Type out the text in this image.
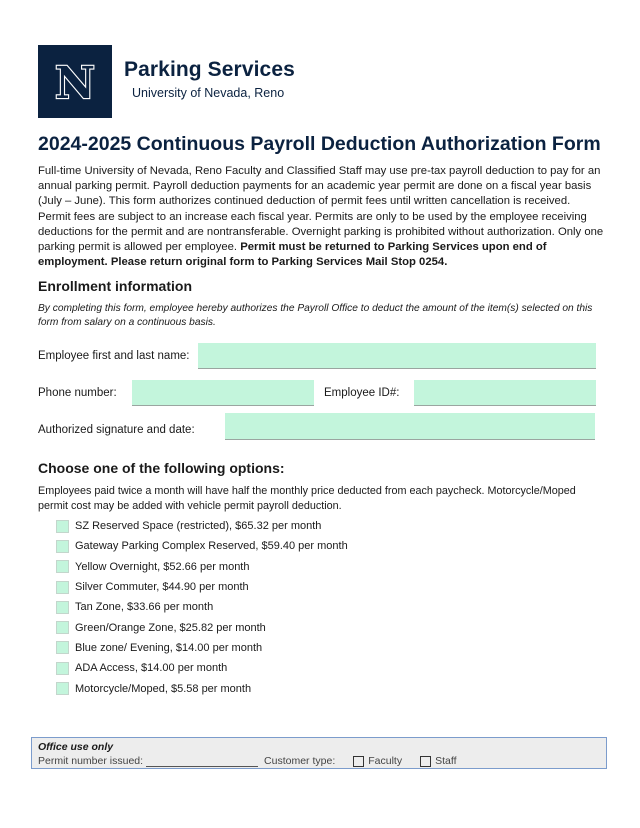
N Parking Services
University of Nevada, Reno
2024-2025 Continuous Payroll Deduction Authorization Form

Full-time University of Nevada, Reno Faculty and Classified Staff may use pre-tax payroll deduction to pay for an annual parking permit. Payroll deduction payments for an academic year permit are done on a fiscal year basis (July – June). This form authorizes continued deduction of permit fees until written cancellation is received. Permit fees are subject to an increase each fiscal year. Permits are only to be used by the employee receiving deductions for the permit and are nontransferable. Overnight parking is prohibited without authorization. Only one parking permit is allowed per employee. Permit must be returned to Parking Services upon end of employment. Please return original form to Parking Services Mail Stop 0254.

Enrollment information

By completing this form, employee hereby authorizes the Payroll Office to deduct the amount of the item(s) selected on this form from salary on a continuous basis.

Employee first and last name:
Phone number:	Employee ID#:
Authorized signature and date:
Choose one of the following options:

Employees paid twice a month will have half the monthly price deducted from each paycheck. Motorcycle/Moped permit cost may be added with vehicle permit payroll deduction.

SZ Reserved Space (restricted), $65.32 per month
Gateway Parking Complex Reserved, $59.40 per month
Yellow Overnight, $52.66 per month
Silver Commuter, $44.90 per month
Tan Zone, $33.66 per month
Green/Orange Zone, $25.82 per month
Blue zone/ Evening, $14.00 per month
ADA Access, $14.00 per month
Motorcycle/Moped, $5.58 per month
Office use only
Permit number issued:	Customer type:	Faculty	Staff
